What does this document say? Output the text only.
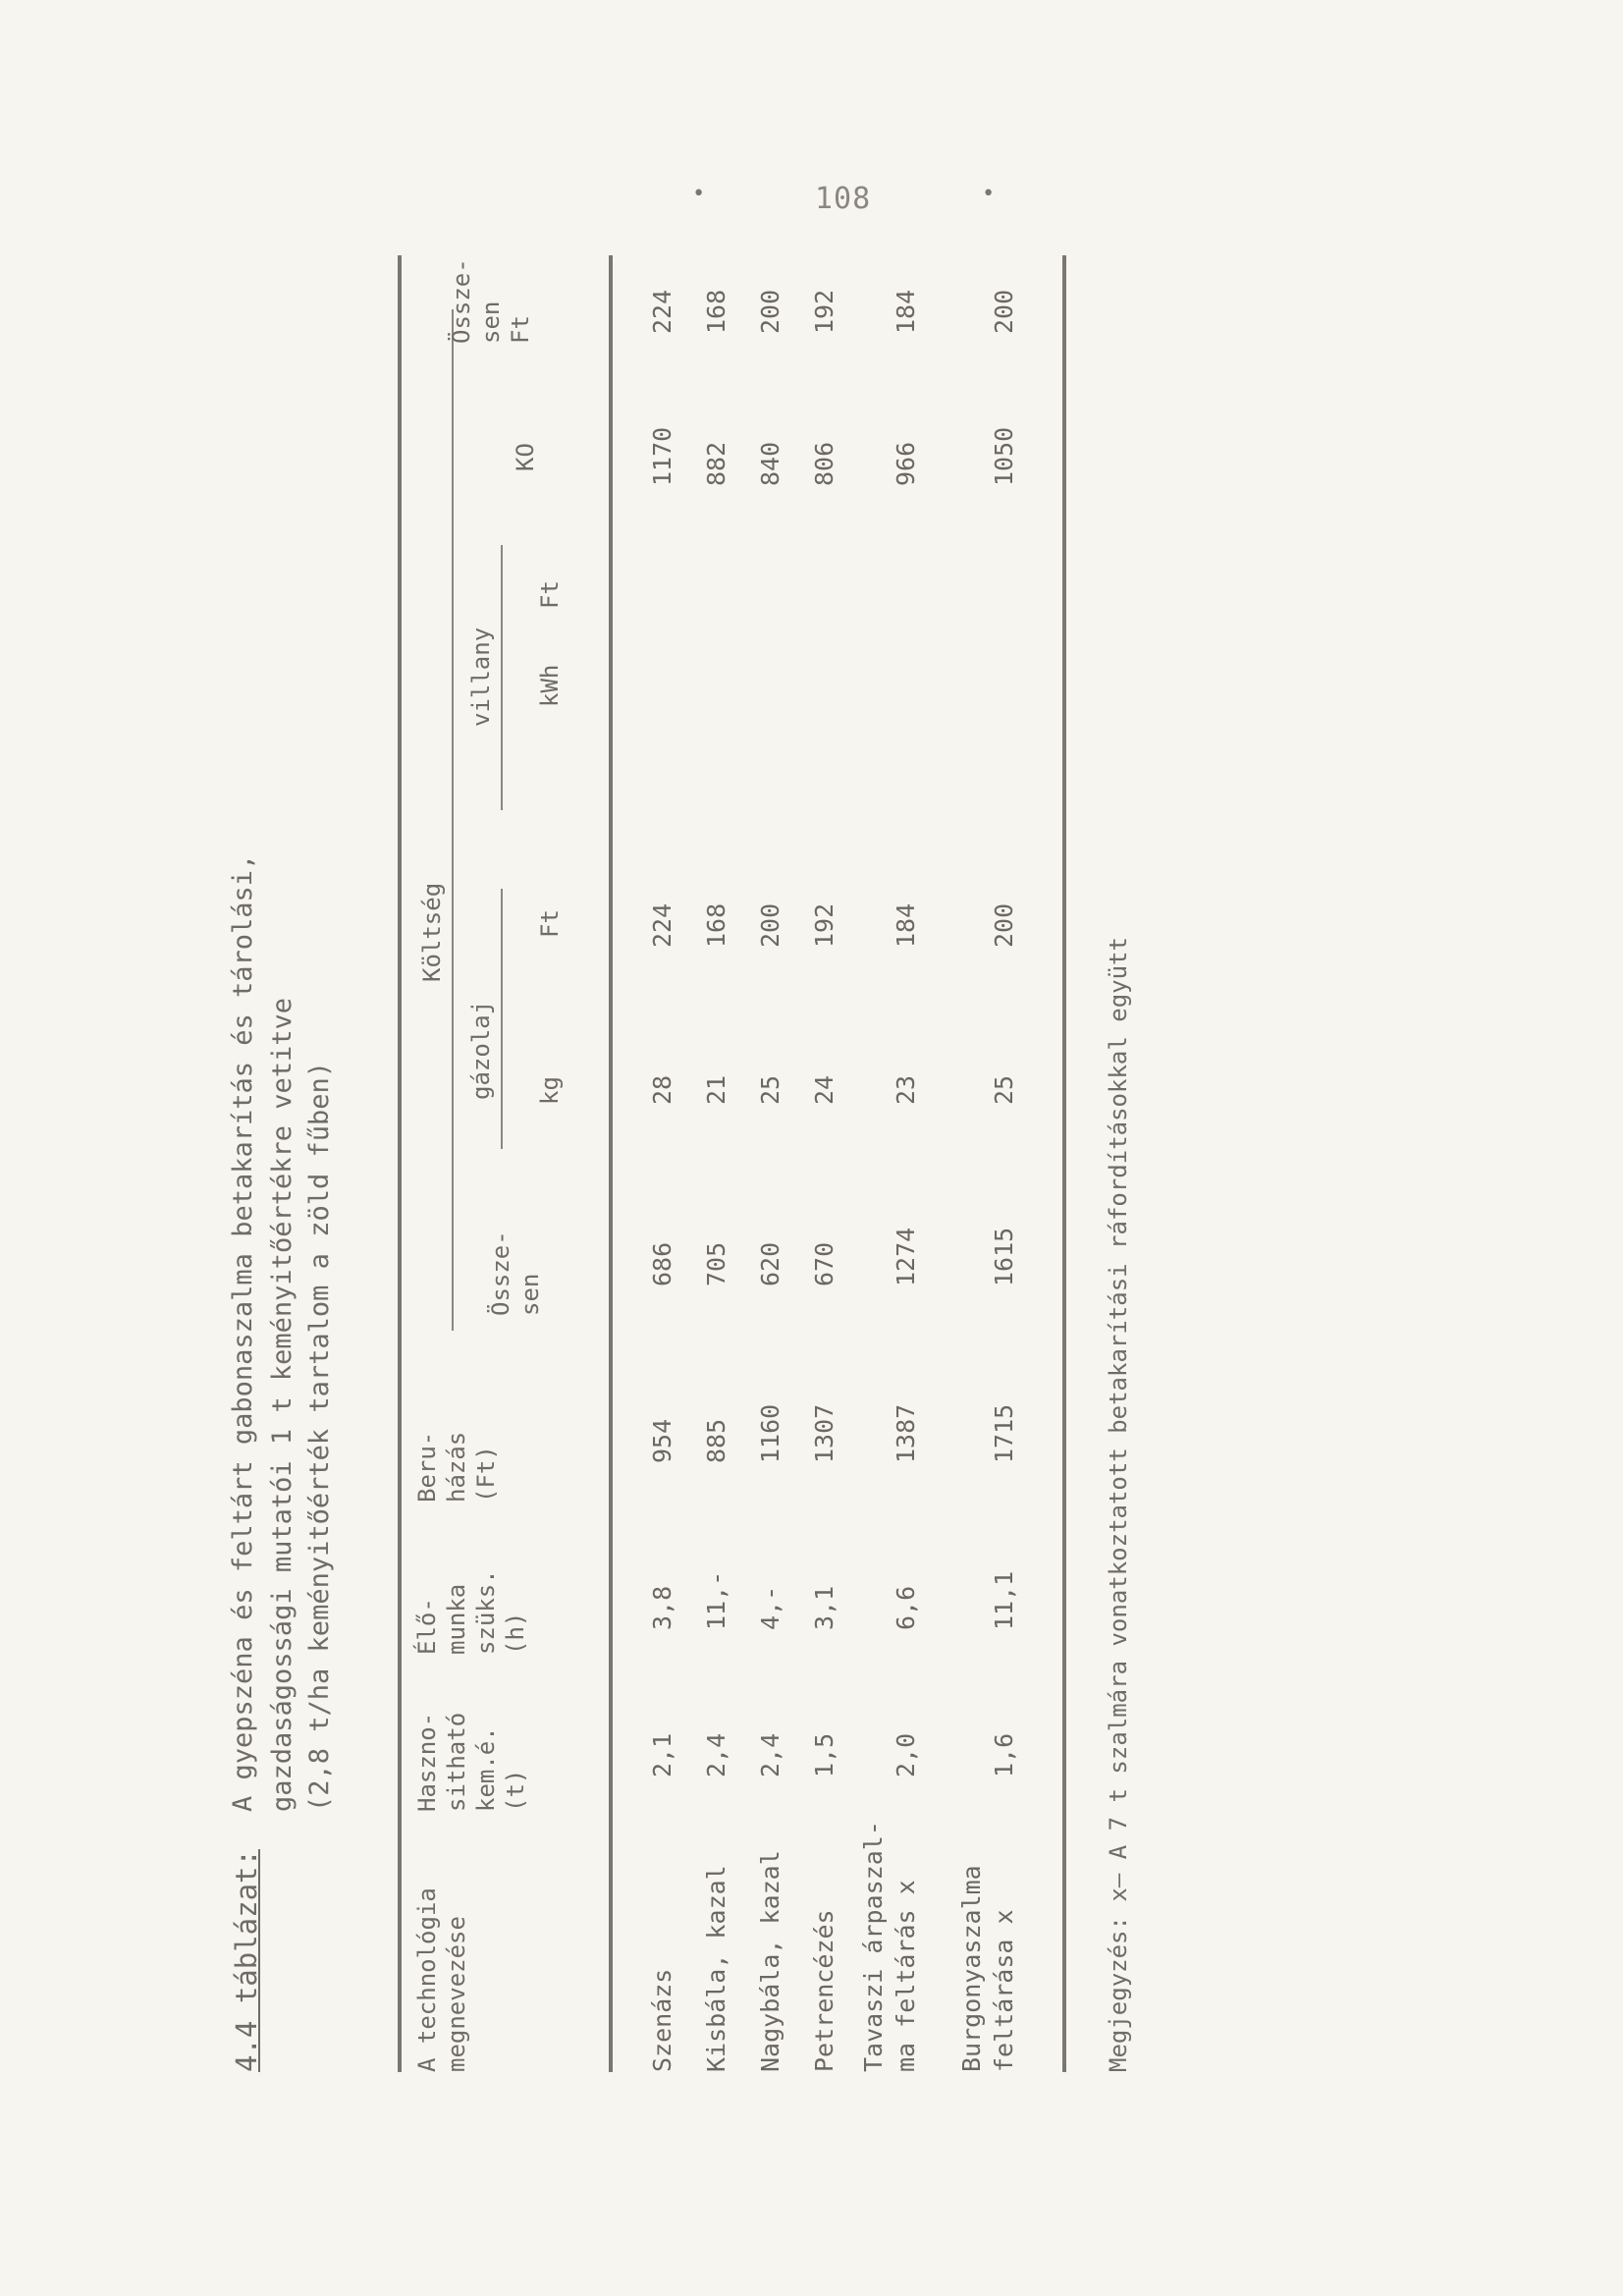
108
•	•
4.4 táblázat:
A gyepszéna és feltárt gabonaszalma betakarítás és tárolási, gazdaságossági mutatói 1 t keményitőértékre vetitve (2,8 t/ha keményitőérték tartalom a zöld fűben)
A technológia
megnevezése
Haszno-
sitható
kem.é.
(t)
Élő-
munka
szüks.
(h)
Beru-
házás
(Ft)
Költség
Össze-
sen
gázolaj
villany
kg
Ft
kWh
Ft
KO
Össze-
sen
Ft
Szenázs
2,1
3,8
954
686
28
224
1170
224
Kisbála, kazal
2,4
11,-
885
705
21
168
882
168
Nagybála, kazal
2,4
4,-
1160
620
25
200
840
200
Petrencézés
1,5
3,1
1307
670
24
192
806
192
Tavaszi árpaszal- ma feltárás x
2,0
6,6
1387
1274
23
184
966
184
Burgonyaszalma feltárása x
1,6
11,1
1715
1615
25
200
1050
200
Megjegyzés: x– A 7 t szalmára vonatkoztatott betakarítási ráfordításokkal együtt
